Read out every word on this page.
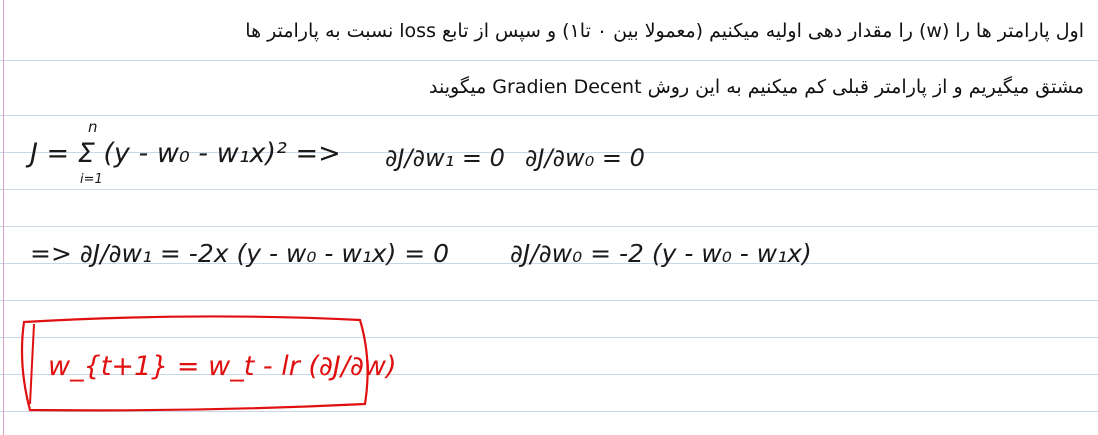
اول پارامتر ها را (w) را مقدار دهی اولیه میکنیم (معمولا بین ۰ تا۱) و سپس از تابع loss نسبت به پارامتر ها
مشتق میگیریم و از پارامتر قبلی کم میکنیم به این روش Gradien Decent میگویند
J = Σ (y - w₀ - w₁x)² =>
n
i=1
∂J/∂w₁ = 0 ∂J/∂w₀ = 0
=> ∂J/∂w₁ = -2x (y - w₀ - w₁x) = 0 ∂J/∂w₀ = -2 (y - w₀ - w₁x)
w_{t+1} = w_t - lr (∂J/∂w)
